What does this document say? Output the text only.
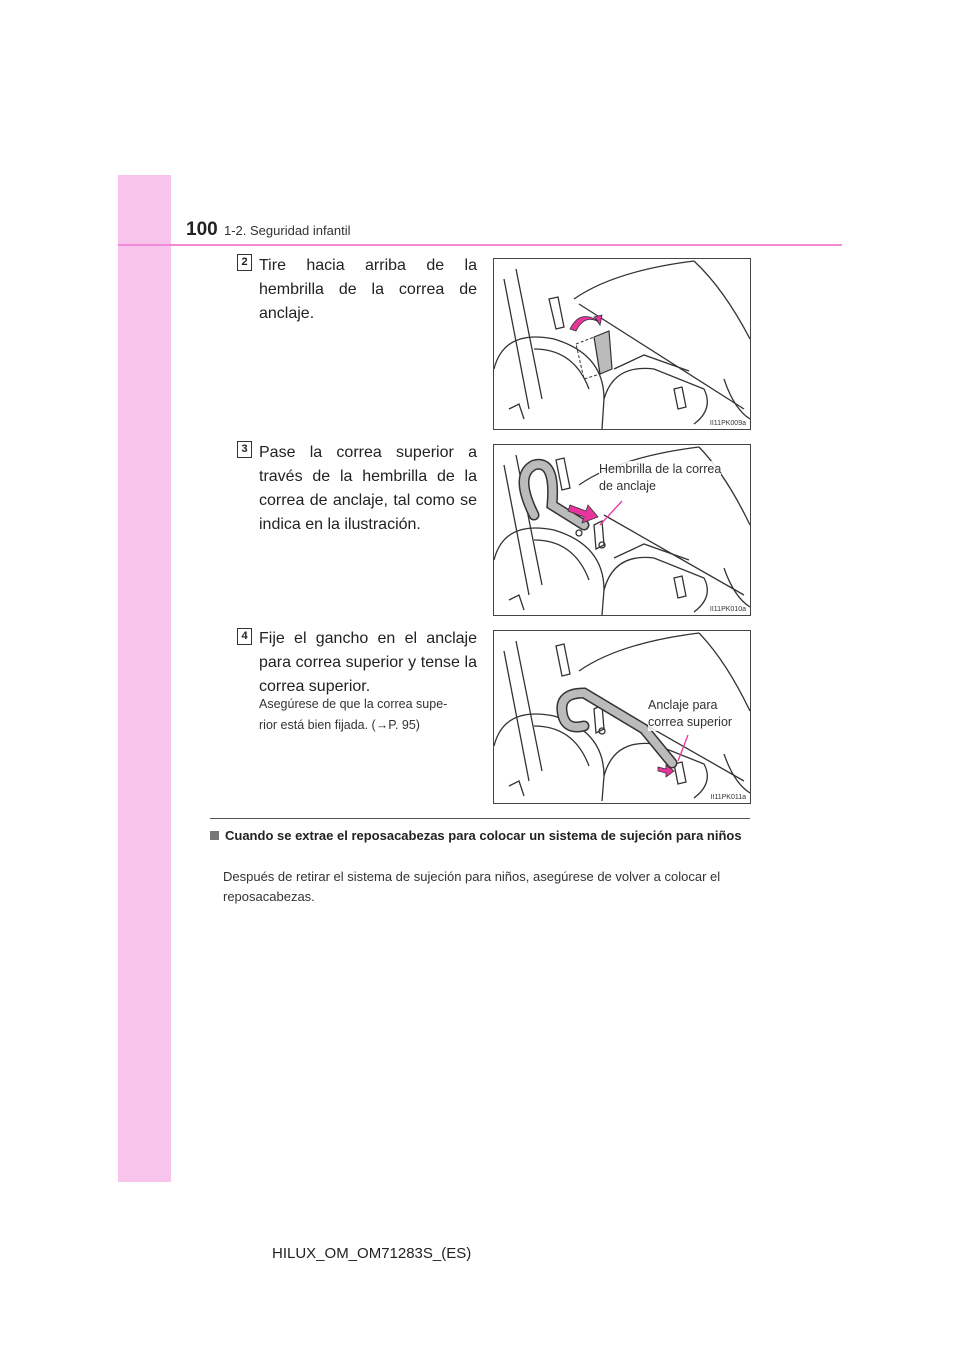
100 1-2. Seguridad infantil
2 Tire hacia arriba de la hembrilla de la correa de anclaje.
II11PK009a
3 Pase la correa superior a través de la hembrilla de la correa de anclaje, tal como se indica en la ilustración.
II11PK010a
Hembrilla de la correa
de anclaje
4 Fije el gancho en el anclaje para correa superior y tense la correa superior.
Asegúrese de que la correa supe-
rior está bien fijada. (→P. 95)
II11PK011a
Anclaje para
correa superior
Cuando se extrae el reposacabezas para colocar un sistema de sujeción para niños
Después de retirar el sistema de sujeción para niños, asegúrese de volver a colocar el reposacabezas.
HILUX_OM_OM71283S_(ES)
